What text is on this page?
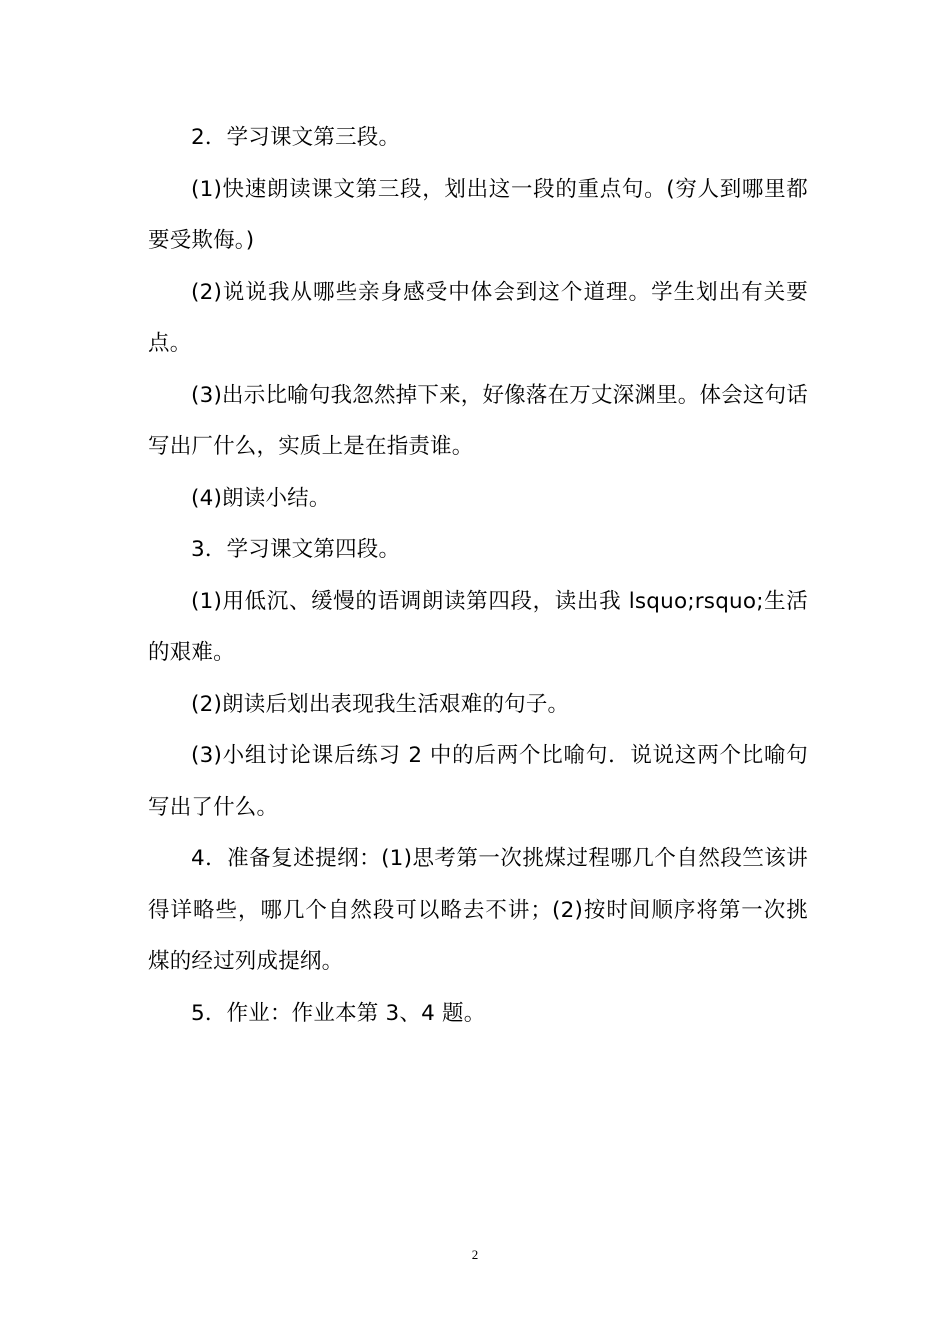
2．学习课文第三段。

(1)快速朗读课文第三段，划出这一段的重点句。(穷人到哪里都要受欺侮。)

(2)说说我从哪些亲身感受中体会到这个道理。学生划出有关要点。

(3)出示比喻句我忽然掉下来，好像落在万丈深渊里。体会这句话写出厂什么，实质上是在指责谁。

(4)朗读小结。

3．学习课文第四段。

(1)用低沉、缓慢的语调朗读第四段，读出我 lsquo;rsquo;生活的艰难。

(2)朗读后划出表现我生活艰难的句子。

(3)小组讨论课后练习 2 中的后两个比喻句．说说这两个比喻句写出了什么。

4．准备复述提纲：(1)思考第一次挑煤过程哪几个自然段竺该讲得详略些，哪几个自然段可以略去不讲；(2)按时间顺序将第一次挑煤的经过列成提纲。

5．作业：作业本第 3、4 题。

2
